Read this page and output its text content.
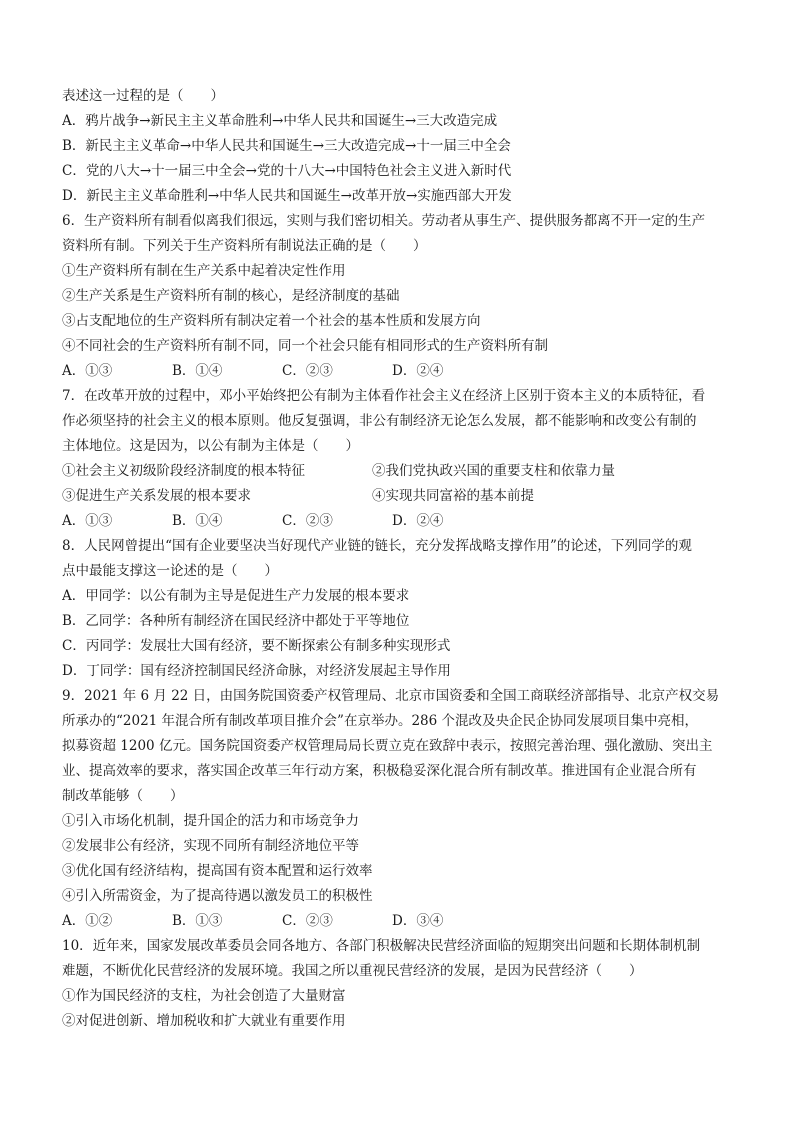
表述这一过程的是（　　）
A．鸦片战争→新民主主义革命胜利→中华人民共和国诞生→三大改造完成
B．新民主主义革命→中华人民共和国诞生→三大改造完成→十一届三中全会
C．党的八大→十一届三中全会→党的十八大→中国特色社会主义进入新时代
D．新民主主义革命胜利→中华人民共和国诞生→改革开放→实施西部大开发
6．生产资料所有制看似离我们很远，实则与我们密切相关。劳动者从事生产、提供服务都离不开一定的生产
资料所有制。下列关于生产资料所有制说法正确的是（　　）
①生产资料所有制在生产关系中起着决定性作用
②生产关系是生产资料所有制的核心，是经济制度的基础
③占支配地位的生产资料所有制决定着一个社会的基本性质和发展方向
④不同社会的生产资料所有制不同，同一个社会只能有相同形式的生产资料所有制
A．①③	B．①④	C．②③	D．②④
7．在改革开放的过程中，邓小平始终把公有制为主体看作社会主义在经济上区别于资本主义的本质特征，看
作必须坚持的社会主义的根本原则。他反复强调，非公有制经济无论怎么发展，都不能影响和改变公有制的
主体地位。这是因为，以公有制为主体是（　　）
①社会主义初级阶段经济制度的根本特征	②我们党执政兴国的重要支柱和依靠力量
③促进生产关系发展的根本要求	④实现共同富裕的基本前提
A．①③	B．①④	C．②③	D．②④
8．人民网曾提出“国有企业要坚决当好现代产业链的链长，充分发挥战略支撑作用”的论述，下列同学的观
点中最能支撑这一论述的是（　　）
A．甲同学：以公有制为主导是促进生产力发展的根本要求
B．乙同学：各种所有制经济在国民经济中都处于平等地位
C．丙同学：发展壮大国有经济，要不断探索公有制多种实现形式
D．丁同学：国有经济控制国民经济命脉，对经济发展起主导作用
9．2021 年 6 月 22 日，由国务院国资委产权管理局、北京市国资委和全国工商联经济部指导、北京产权交易
所承办的“2021 年混合所有制改革项目推介会”在京举办。286 个混改及央企民企协同发展项目集中亮相，
拟募资超 1200 亿元。国务院国资委产权管理局局长贾立克在致辞中表示，按照完善治理、强化激励、突出主
业、提高效率的要求，落实国企改革三年行动方案，积极稳妥深化混合所有制改革。推进国有企业混合所有
制改革能够（　　）
①引入市场化机制，提升国企的活力和市场竞争力
②发展非公有经济，实现不同所有制经济地位平等
③优化国有经济结构，提高国有资本配置和运行效率
④引入所需资金，为了提高待遇以激发员工的积极性
A．①②	B．①③	C．②③	D．③④
10．近年来，国家发展改革委员会同各地方、各部门积极解决民营经济面临的短期突出问题和长期体制机制
难题，不断优化民营经济的发展环境。我国之所以重视民营经济的发展，是因为民营经济（　　）
①作为国民经济的支柱，为社会创造了大量财富
②对促进创新、增加税收和扩大就业有重要作用
